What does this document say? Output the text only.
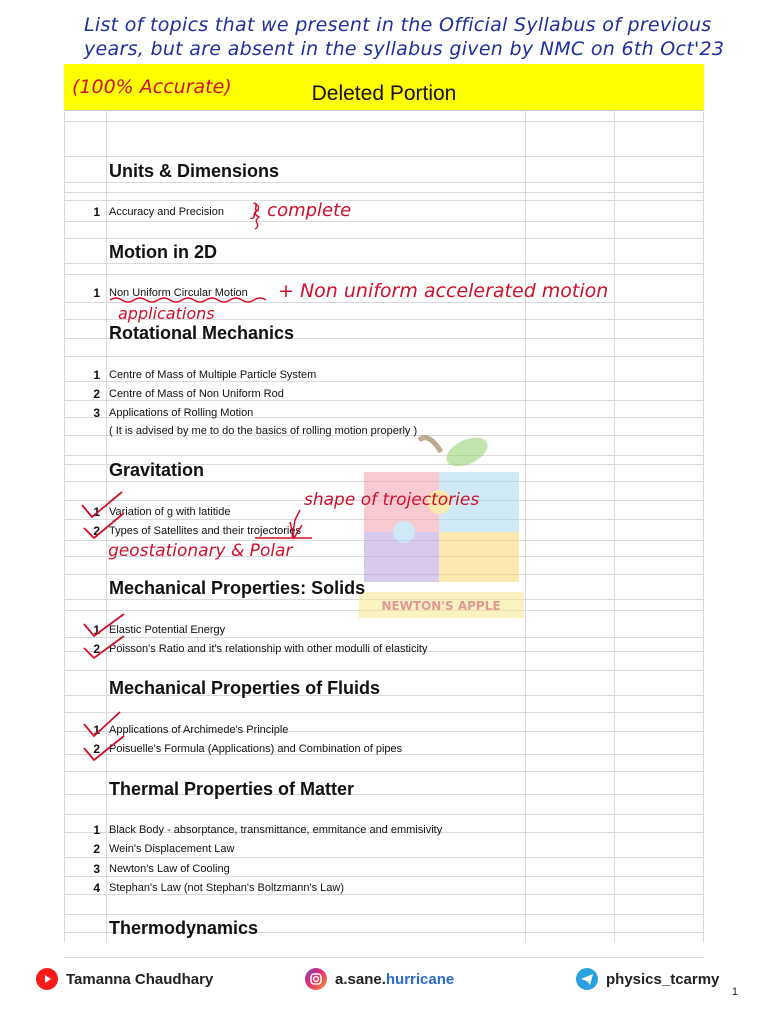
List of topics that we present in the Official Syllabus of previous
years, but are absent in the syllabus given by NMC on 6th Oct'23
Deleted Portion
(100% Accurate)
NEWTON'S APPLE
Units & Dimensions
1 Accuracy and Precision
Motion in 2D
1 Non Uniform Circular Motion
Rotational Mechanics
1 Centre of Mass of Multiple Particle System
2 Centre of Mass of Non Uniform Rod
3 Applications of Rolling Motion
( It is advised by me to do the basics of rolling motion properly )
Gravitation
1 Variation of g with latitide
2 Types of Satellites and their trojectories
Mechanical Properties: Solids
1 Elastic Potential Energy
2 Poisson's Ratio and it's relationship with other modulli of elasticity
Mechanical Properties of Fluids
1 Applications of Archimede's Principle
2 Poisuelle's Formula (Applications) and Combination of pipes
Thermal Properties of Matter
1 Black Body - absorptance, transmittance, emmitance and emmisivity
2 Wein's Displacement Law
3 Newton's Law of Cooling
4 Stephan's Law (not Stephan's Boltzmann's Law)
Thermodynamics
} complete
+ Non uniform accelerated motion
applications
shape of trojectories
geostationary & Polar
Tamanna Chaudhary	a.sane. hurricane	physics_tcarmy
1
